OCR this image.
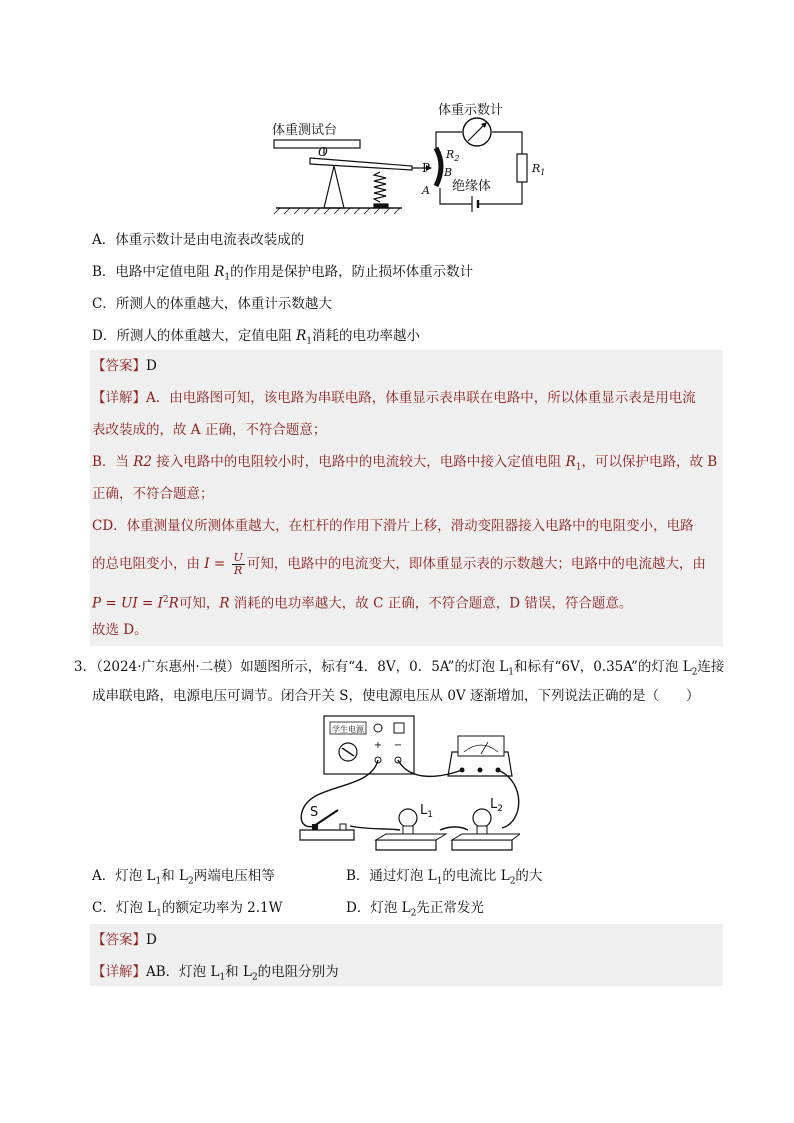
体重测试台
O
P
$R_2$
B
A
体重示数计
$R_1$
绝缘体
A．体重示数计是由电流表改装成的
B．电路中定值电阻 $R_1$的作用是保护电路，防止损坏体重示数计
C．所测人的体重越大，体重计示数越大
D．所测人的体重越大，定值电阻 $R_1$消耗的电功率越小
【答案】D
【详解】A．由电路图可知，该电路为串联电路，体重显示表串联在电路中，所以体重显示表是用电流
表改装成的，故 A 正确，不符合题意；
B．当 R2 接入电路中的电阻较小时，电路中的电流较大，电路中接入定值电阻 $R_1$，可以保护电路，故 B
正确，不符合题意；
CD．体重测量仪所测体重越大，在杠杆的作用下滑片上移，滑动变阻器接入电路中的电阻变小，电路
的总电阻变小，由 $I = \frac{U}{R}$ 可知，电路中的电流变大，即体重显示表的示数越大；电路中的电流越大，由
P = UI = $I^2R$可知，R 消耗的电功率越大，故 C 正确，不符合题意，D 错误，符合题意。
故选 D。
3．（2024·广东惠州·二模）如题图所示，标有“4．8V，0．5A”的灯泡 $L_1$和标有“6V，0.35A”的灯泡 $L_2$连接
成串联电路，电源电压可调节。闭合开关 S，使电源电压从 0V 逐渐增加，下列说法正确的是（　　）
学生电源
+ −
S	$L_1$
$L_2$
A．灯泡 $L_1$和 $L_2$两端电压相等	B．通过灯泡 $L_1$的电流比 $L_2$的大
C．灯泡 $L_1$的额定功率为 2.1W	D．灯泡 $L_2$先正常发光
【答案】D
【详解】AB．灯泡 $L_1$和 $L_2$的电阻分别为
